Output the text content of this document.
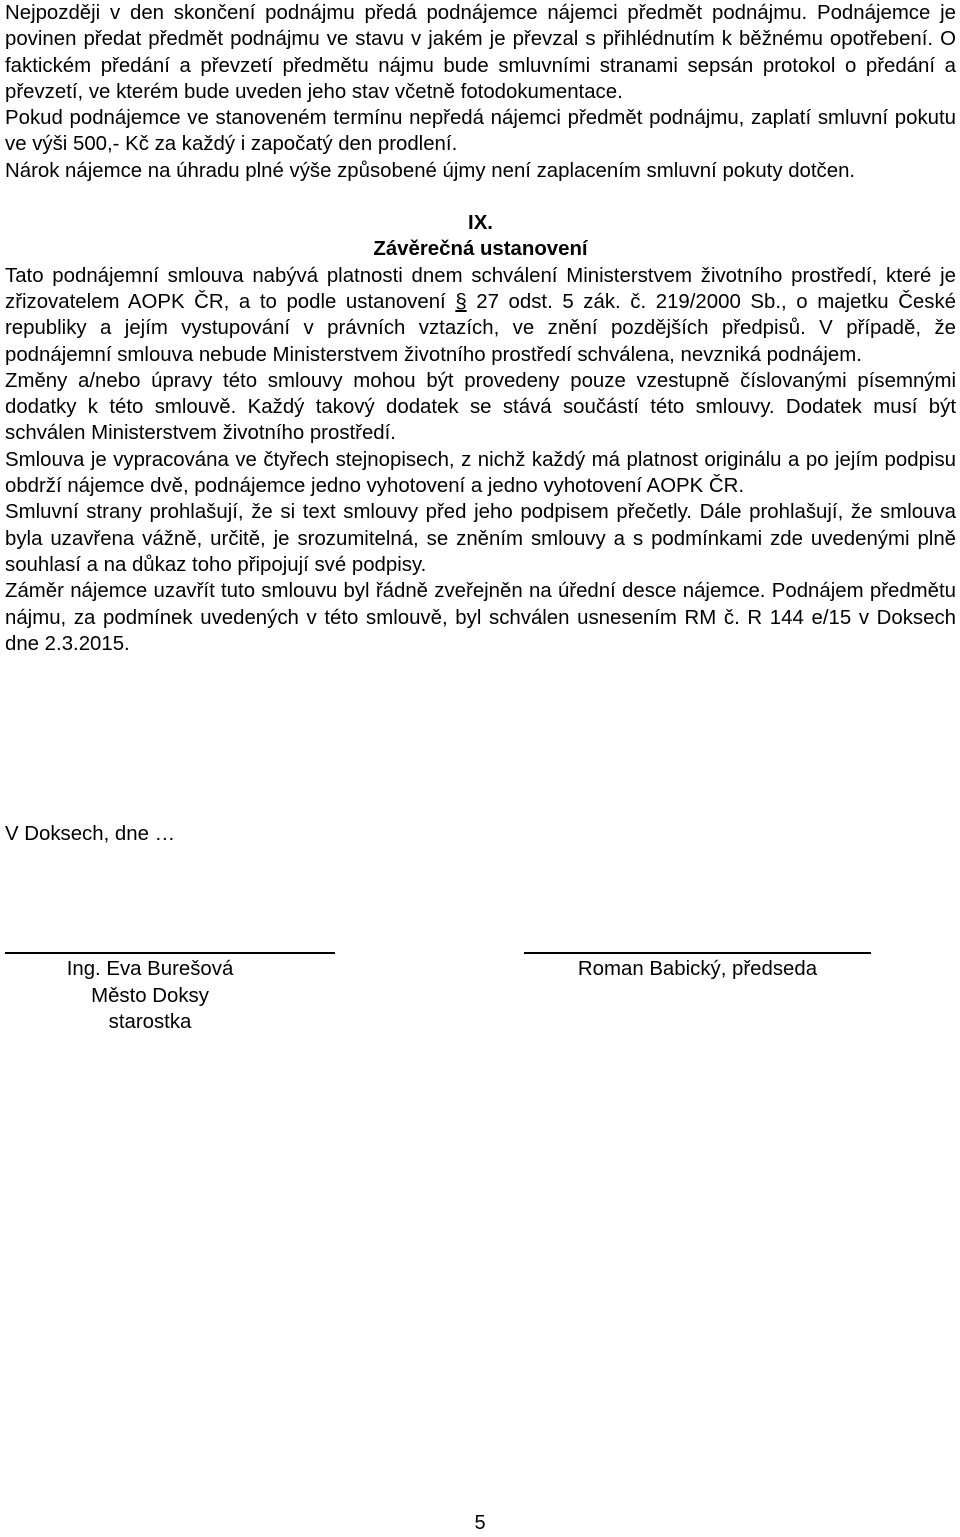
Nejpozději v den skončení podnájmu předá podnájemce nájemci předmět podnájmu. Podnájemce je povinen předat předmět podnájmu ve stavu v jakém je převzal s přihlédnutím k běžnému opotřebení. O faktickém předání a převzetí předmětu nájmu bude smluvními stranami sepsán protokol o předání a převzetí, ve kterém bude uveden jeho stav včetně fotodokumentace.

Pokud podnájemce ve stanoveném termínu nepředá nájemci předmět podnájmu, zaplatí smluvní pokutu ve výši 500,- Kč za každý i započatý den prodlení.

Nárok nájemce na úhradu plné výše způsobené újmy není zaplacením smluvní pokuty dotčen.

IX.

Závěrečná ustanovení

Tato podnájemní smlouva nabývá platnosti dnem schválení Ministerstvem životního prostředí, které je zřizovatelem AOPK ČR, a to podle ustanovení § 27 odst. 5 zák. č. 219/2000 Sb., o majetku České republiky a jejím vystupování v právních vztazích, ve znění pozdějších předpisů. V případě, že podnájemní smlouva nebude Ministerstvem životního prostředí schválena, nevzniká podnájem.

Změny a/nebo úpravy této smlouvy mohou být provedeny pouze vzestupně číslovanými písemnými dodatky k této smlouvě. Každý takový dodatek se stává součástí této smlouvy. Dodatek musí být schválen Ministerstvem životního prostředí.

Smlouva je vypracována ve čtyřech stejnopisech, z nichž každý má platnost originálu a po jejím podpisu obdrží nájemce dvě, podnájemce jedno vyhotovení a jedno vyhotovení AOPK ČR.

Smluvní strany prohlašují, že si text smlouvy před jeho podpisem přečetly. Dále prohlašují, že smlouva byla uzavřena vážně, určitě, je srozumitelná, se zněním smlouvy a s podmínkami zde uvedenými plně souhlasí a na důkaz toho připojují své podpisy.

Záměr nájemce uzavřít tuto smlouvu byl řádně zveřejněn na úřední desce nájemce. Podnájem předmětu nájmu, za podmínek uvedených v této smlouvě, byl schválen usnesením RM č. R 144 e/15 v Doksech dne 2.3.2015.

V Doksech, dne …
Ing. Eva Burešová
Město Doksy
starostka
Roman Babický, předseda
5
